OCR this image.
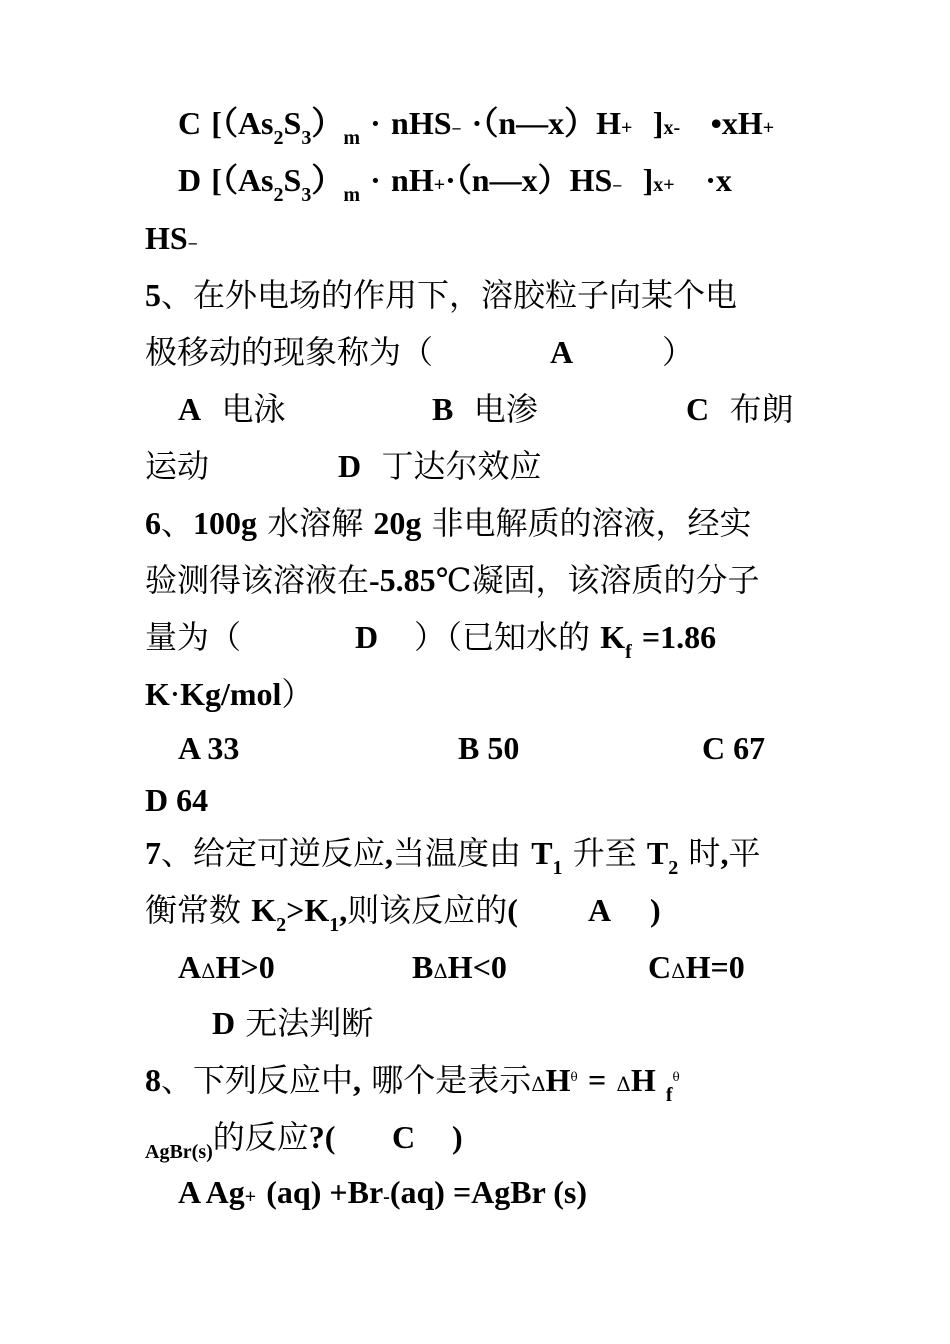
C [$(As_2S_3)_m \cdot nHS-$ ·（n—x）H+ ]x- •xH+
D [$(As_2S_3)_m$ · nH+·（n—x）HS– ]x+ ·x
HS–
5、在外电场的作用下，溶胶粒子向某个电
极移动的现象称为（	A	）
A 电泳	B 电渗	C 布朗
运动	D 丁达尔效应
6、100g 水溶解 20g 非电解质的溶液，经实
验测得该溶液在-5.85℃凝固，该溶质的分子
量为（	D ）（已知水的 $K_f =1.86$
K·Kg/mol）
A 33	B 50	C 67
D 64
7、给定可逆反应,当温度由 $T_1$ 升至 $T_2$ 时,平
衡常数 $K_2>K_1$,则该反应的( A )
AΔH>0	BΔH<0	CΔH=0
D 无法判断
8、下列反应中, 哪个是表示$\Delta H^\theta = \Delta H$ $_f^\theta$
$_{AgBr(s)}$的反应?( C )
A Ag+ (aq) +Br-(aq) =AgBr (s)
